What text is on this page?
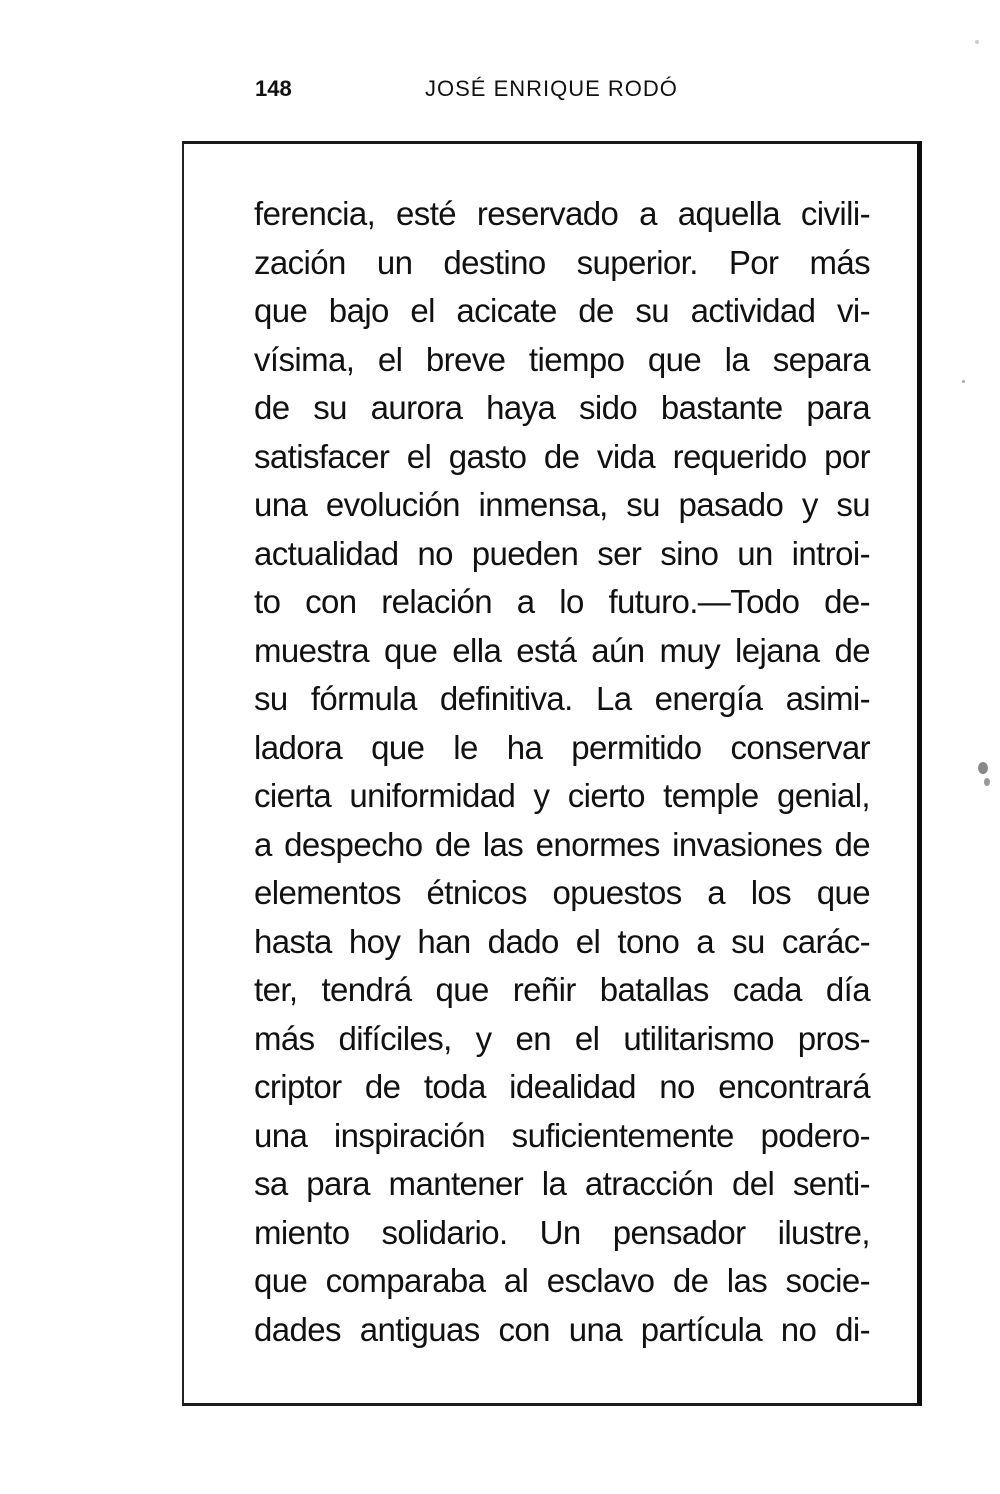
148	JOSÉ ENRIQUE RODÓ
ferencia, esté reservado a aquella civili-
zación un destino superior. Por más
que bajo el acicate de su actividad vi-
vísima, el breve tiempo que la separa
de su aurora haya sido bastante para
satisfacer el gasto de vida requerido por
una evolución inmensa, su pasado y su
actualidad no pueden ser sino un introi-
to con relación a lo futuro.—Todo de-
muestra que ella está aún muy lejana de
su fórmula definitiva. La energía asimi-
ladora que le ha permitido conservar
cierta uniformidad y cierto temple genial,
a despecho de las enormes invasiones de
elementos étnicos opuestos a los que
hasta hoy han dado el tono a su carác-
ter, tendrá que reñir batallas cada día
más difíciles, y en el utilitarismo pros-
criptor de toda idealidad no encontrará
una inspiración suficientemente podero-
sa para mantener la atracción del senti-
miento solidario. Un pensador ilustre,
que comparaba al esclavo de las socie-
dades antiguas con una partícula no di-
